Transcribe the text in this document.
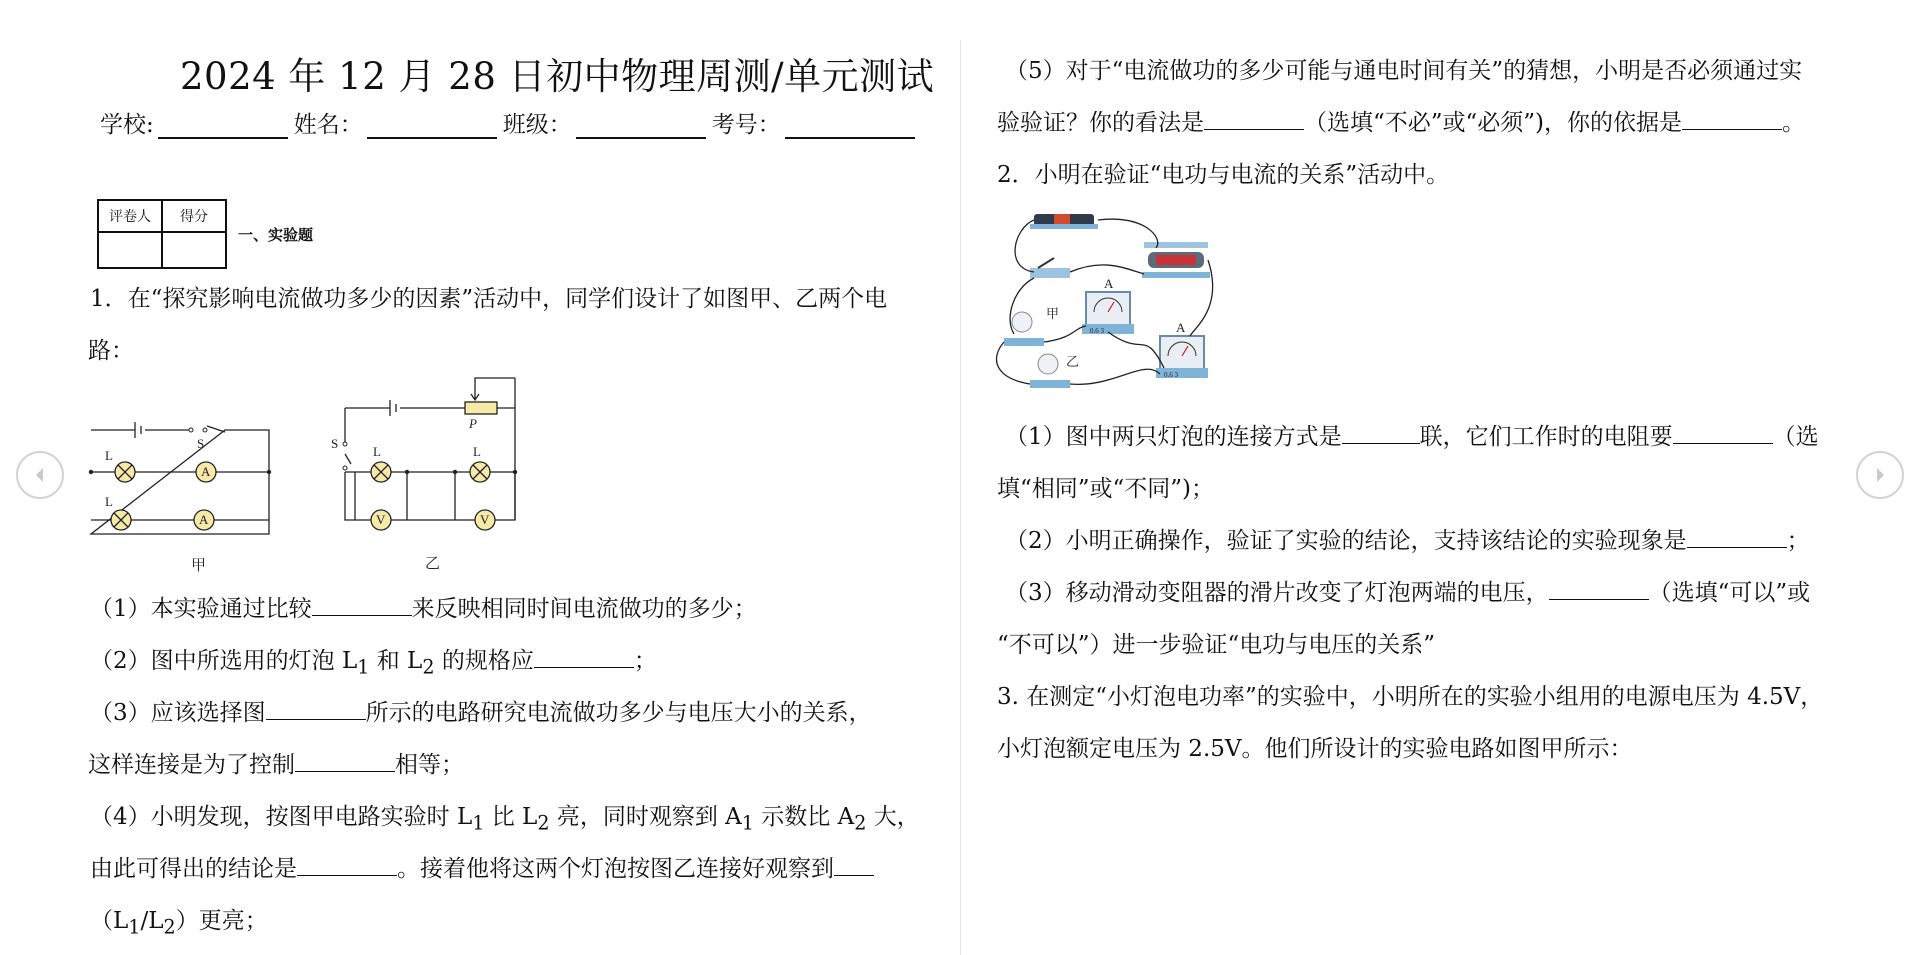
2024 年 12 月 28 日初中物理周测/单元测试
学校:	姓名：	班级：	考号：
评卷人	得分

一、实验题
1．在“探究影响电流做功多少的因素”活动中，同学们设计了如图甲、乙两个电
路：
A
A
L
L
S
甲
P
S
L	L
V	V
乙
（1）本实验通过比较	来反映相同时间电流做功的多少；
（2）图中所选用的灯泡 $L_1$ 和 $L_2$ 的规格应	；
（3）应该选择图	所示的电路研究电流做功多少与电压大小的关系，
这样连接是为了控制	相等；
（4）小明发现，按图甲电路实验时 $L_1$ 比 $L_2$ 亮，同时观察到 $A_1$ 示数比 $A_2$ 大，
由此可得出的结论是	。接着他将这两个灯泡按图乙连接好观察到
$(L_1/L_2)$更亮；
（5）对于“电流做功的多少可能与通电时间有关”的猜想，小明是否必须通过实
验验证？你的看法是	（选填“不必”或“必须”)，你的依据是	。
2．小明在验证“电功与电流的关系”活动中。
A
A
甲
乙
0.6 3
0.6 3
（1）图中两只灯泡的连接方式是	联，它们工作时的电阻要	（选
填“相同”或“不同”)；
（2）小明正确操作，验证了实验的结论，支持该结论的实验现象是	；
（3）移动滑动变阻器的滑片改变了灯泡两端的电压，	（选填“可以”或
“不可以”）进一步验证“电功与电压的关系”
3. 在测定“小灯泡电功率”的实验中，小明所在的实验小组用的电源电压为 4.5V，
小灯泡额定电压为 2.5V。他们所设计的实验电路如图甲所示：
